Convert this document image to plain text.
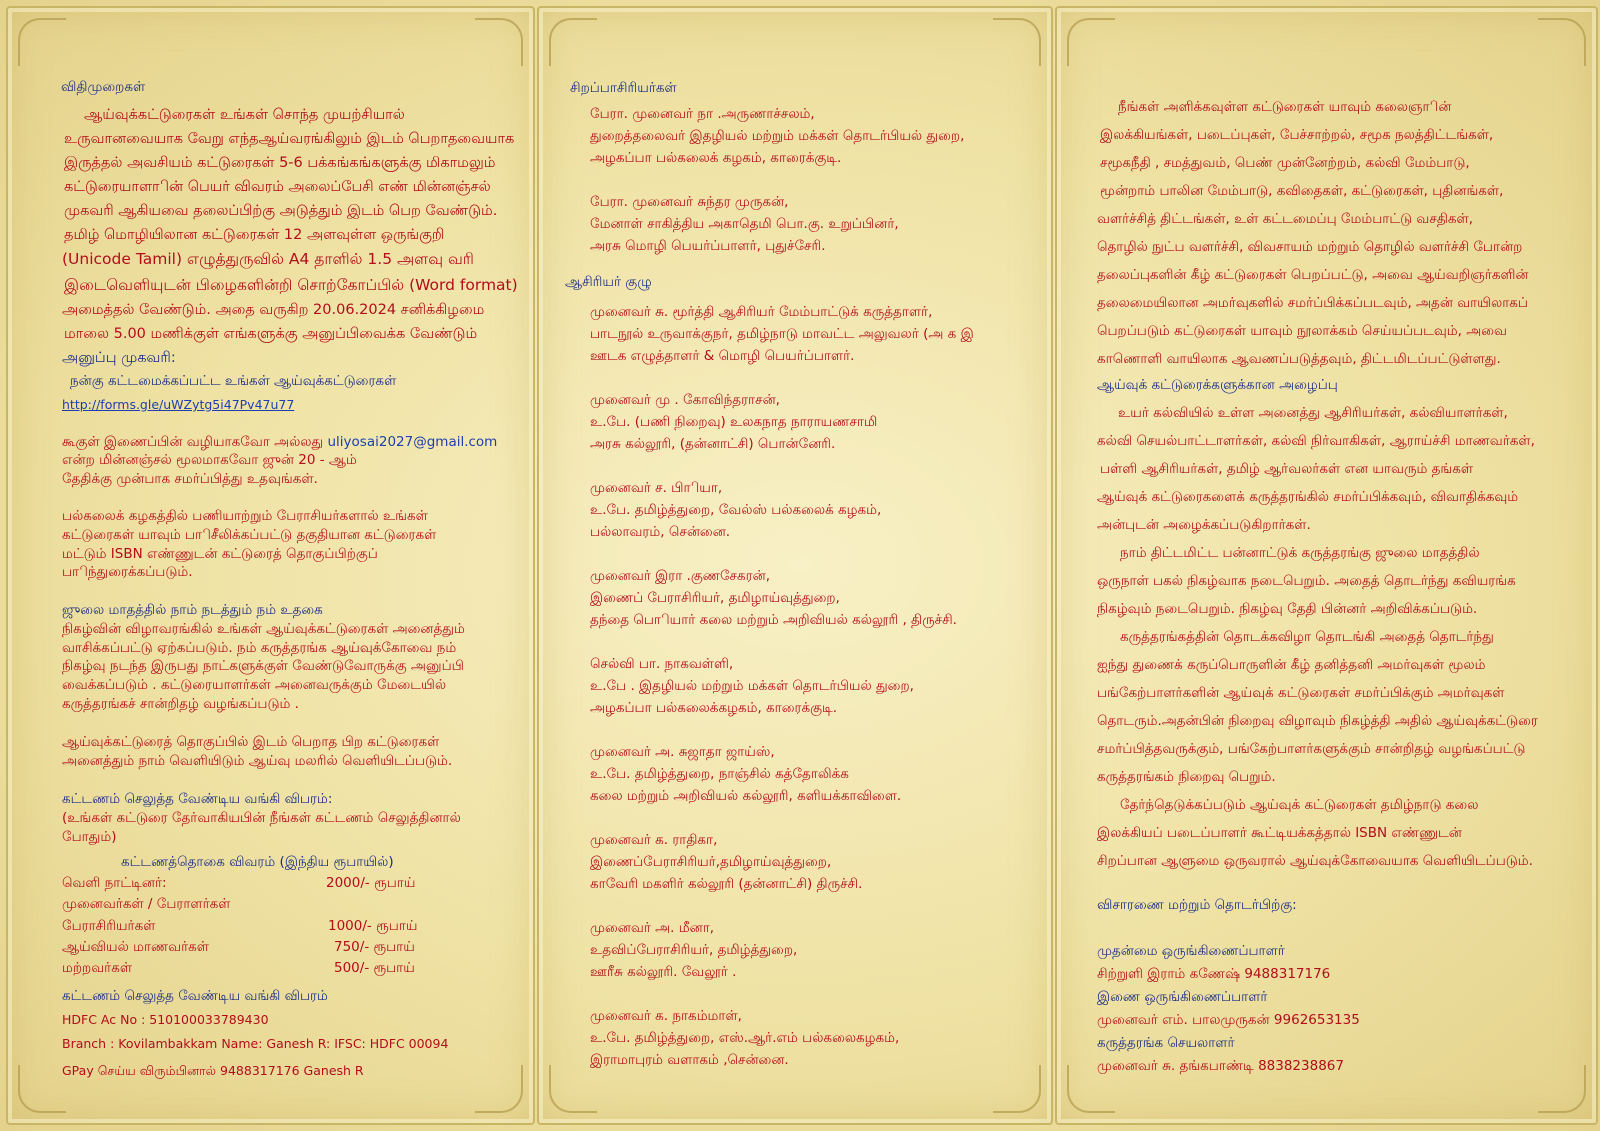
விதிமுறைகள்
ஆய்வுக்கட்டுரைகள் உங்கள் சொந்த முயற்சியால்
உருவானவையாக வேறு எந்தஆய்வரங்கிலும் இடம் பெறாதவையாக
இருத்தல் அவசியம் கட்டுரைகள் 5-6 பக்கங்கங்களுக்கு மிகாமலும்
கட்டுரையாளாின் பெயர் விவரம் அலைப்பேசி எண் மின்னஞ்சல்
முகவரி ஆகியவை தலைப்பிற்கு அடுத்தும் இடம் பெற வேண்டும்.
தமிழ் மொழியிலான கட்டுரைகள் 12 அளவுள்ள ஒருங்குறி
(Unicode Tamil) எழுத்துருவில் A4 தாளில் 1.5 அளவு வரி
இடைவெளியுடன் பிழைகளின்றி சொற்கோப்பில் (Word format)
அமைத்தல் வேண்டும். அதை வருகிற 20.06.2024 சனிக்கிழமை
மாலை 5.00 மணிக்குள் எங்களுக்கு அனுப்பிவைக்க வேண்டும்
அனுப்பு முகவரி:
நன்கு கட்டமைக்கப்பட்ட உங்கள் ஆய்வுக்கட்டுரைகள்
http://forms.gle/uWZytg5i47Pv47u77
கூகுள் இணைப்பின் வழியாகவோ அல்லது uliyosai2027@gmail.com
என்ற மின்னஞ்சல் மூலமாகவோ ஜுன் 20 - ஆம்
தேதிக்கு முன்பாக சமர்ப்பித்து உதவுங்கள்.
பல்கலைக் கழகத்தில் பணியாற்றும் பேராசியர்களால் உங்கள்
கட்டுரைகள் யாவும் பாிசீலிக்கப்பட்டு தகுதியான கட்டுரைகள்
மட்டும் ISBN எண்ணுடன் கட்டுரைத் தொகுப்பிற்குப்
பாிந்துரைக்கப்படும்.
ஜுலை மாதத்தில் நாம் நடத்தும் நம் உதகை
நிகழ்வின் விழாவரங்கில் உங்கள் ஆய்வுக்கட்டுரைகள் அனைத்தும்
வாசிக்கப்பட்டு ஏற்கப்படும். நம் கருத்தரங்க ஆய்வுக்கோவை நம்
நிகழ்வு நடந்த இருபது நாட்களுக்குள் வேண்டுவோருக்கு அனுப்பி
வைக்கப்படும் . கட்டுரையாளர்கள் அனைவருக்கும் மேடையில்
கருத்தரங்கச் சான்றிதழ் வழங்கப்படும் .
ஆய்வுக்கட்டுரைத் தொகுப்பில் இடம் பெறாத பிற கட்டுரைகள்
அனைத்தும் நாம் வெளியிடும் ஆய்வு மலரில் வெளியிடப்படும்.
கட்டணம் செலுத்த வேண்டிய வங்கி விபரம்:
(உங்கள் கட்டுரை தேர்வாகியபின் நீங்கள் கட்டணம் செலுத்தினால்
போதும்)
கட்டணத்தொகை விவரம் (இந்திய ரூபாயில்)
வெளி நாட்டினர்:	2000/- ரூபாய்
முனைவர்கள் / பேராளர்கள்
பேராசிரியர்கள்	1000/- ரூபாய்
ஆய்வியல் மாணவர்கள்	750/- ரூபாய்
மற்றவர்கள்	500/- ரூபாய்
கட்டணம் செலுத்த வேண்டிய வங்கி விபரம்
HDFC Ac No : 510100033789430
Branch : Kovilambakkam Name: Ganesh R: IFSC: HDFC 00094
GPay செய்ய விரும்பினால் 9488317176 Ganesh R
சிறப்பாசிரியர்கள்
பேரா. முனைவர் நா .அருணாச்சலம்,
துறைத்தலைவர் இதழியல் மற்றும் மக்கள் தொடர்பியல் துறை,
அழகப்பா பல்கலைக் கழகம், காரைக்குடி.
பேரா. முனைவர் சுந்தர முருகன்,
மேனாள் சாகித்திய அகாதெமி பொ.கு. உறுப்பினர்,
அரசு மொழி பெயர்ப்பாளர், புதுச்சேரி.
ஆசிரியர் குழு
முனைவர் சு. மூர்த்தி ஆசிரியர் மேம்பாட்டுக் கருத்தாளர்,
பாடநூல் உருவாக்குநர், தமிழ்நாடு மாவட்ட அலுவலர் (அ க இ
ஊடக எழுத்தாளர் & மொழி பெயர்ப்பாளர்.
முனைவர் மு . கோவிந்தராசன்,
உ.பே. (பணி நிறைவு) உலகநாத நாராயணசாமி
அரசு கல்லூரி, (தன்னாட்சி) பொன்னேரி.
முனைவர் ச. பிாியா,
உ.பே. தமிழ்த்துறை, வேல்ஸ் பல்கலைக் கழகம்,
பல்லாவரம், சென்னை.
முனைவர் இரா .குணசேகரன்,
இணைப் பேராசிரியர், தமிழாய்வுத்துறை,
தந்தை பொியார் கலை மற்றும் அறிவியல் கல்லூரி , திருச்சி.
செல்வி பா. நாகவள்ளி,
உ.பே . இதழியல் மற்றும் மக்கள் தொடர்பியல் துறை,
அழகப்பா பல்கலைக்கழகம், காரைக்குடி.
முனைவர் அ. சுஜாதா ஜாய்ஸ்,
உ.பே. தமிழ்த்துறை, நாஞ்சில் கத்தோலிக்க
கலை மற்றும் அறிவியல் கல்லூரி, களியக்காவிளை.
முனைவர் க. ராதிகா,
இணைப்பேராசிரியர்,தமிழாய்வுத்துறை,
காவேரி மகளிர் கல்லூரி (தன்னாட்சி) திருச்சி.
முனைவர் அ. மீனா,
உதவிப்பேராசிரியர், தமிழ்த்துறை,
ஊரீசு கல்லூரி. வேலூர் .
முனைவர் க. நாகம்மாள்,
உ.பே. தமிழ்த்துறை, எஸ்.ஆர்.எம் பல்கலைகழகம்,
இராமாபுரம் வளாகம் ,சென்னை.
நீங்கள் அளிக்கவுள்ள கட்டுரைகள் யாவும் கலைஞாின்
இலக்கியங்கள், படைப்புகள், பேச்சாற்றல், சமூக நலத்திட்டங்கள்,
சமூகநீதி , சமத்துவம், பெண் முன்னேற்றம், கல்வி மேம்பாடு,
மூன்றாம் பாலின மேம்பாடு, கவிதைகள், கட்டுரைகள், புதினங்கள்,
வளர்ச்சித் திட்டங்கள், உள் கட்டமைப்பு மேம்பாட்டு வசதிகள்,
தொழில் நுட்ப வளர்ச்சி, விவசாயம் மற்றும் தொழில் வளர்ச்சி போன்ற
தலைப்புகளின் கீழ் கட்டுரைகள் பெறப்பட்டு, அவை ஆய்வறிஞர்களின்
தலைமையிலான அமர்வுகளில் சமர்ப்பிக்கப்படவும், அதன் வாயிலாகப்
பெறப்படும் கட்டுரைகள் யாவும் நூலாக்கம் செய்யப்படவும், அவை
காணொளி வாயிலாக ஆவணப்படுத்தவும், திட்டமிடப்பட்டுள்ளது.
ஆய்வுக் கட்டுரைக்களுக்கான அழைப்பு
உயர் கல்வியில் உள்ள அனைத்து ஆசிரியர்கள், கல்வியாளர்கள்,
கல்வி செயல்பாட்டாளர்கள், கல்வி நிர்வாகிகள், ஆராய்ச்சி மாணவர்கள்,
பள்ளி ஆசிரியர்கள், தமிழ் ஆர்வலர்கள் என யாவரும் தங்கள்
ஆய்வுக் கட்டுரைகளைக் கருத்தரங்கில் சமர்ப்பிக்கவும், விவாதிக்கவும்
அன்புடன் அழைக்கப்படுகிறார்கள்.
நாம் திட்டமிட்ட பன்னாட்டுக் கருத்தரங்கு ஜுலை மாதத்தில்
ஒருநாள் பகல் நிகழ்வாக நடைபெறும். அதைத் தொடர்ந்து கவியரங்க
நிகழ்வும் நடைபெறும். நிகழ்வு தேதி பின்னர் அறிவிக்கப்படும்.
கருத்தரங்கத்தின் தொடக்கவிழா தொடங்கி அதைத் தொடர்ந்து
ஐந்து துணைக் கருப்பொருளின் கீழ் தனித்தனி அமர்வுகள் மூலம்
பங்கேற்பாளர்களின் ஆய்வுக் கட்டுரைகள் சமர்ப்பிக்கும் அமர்வுகள்
தொடரும்.அதன்பின் நிறைவு விழாவும் நிகழ்த்தி அதில் ஆய்வுக்கட்டுரை
சமர்ப்பித்தவருக்கும், பங்கேற்பாளர்களுக்கும் சான்றிதழ் வழங்கப்பட்டு
கருத்தரங்கம் நிறைவு பெறும்.
தேர்ந்தெடுக்கப்படும் ஆய்வுக் கட்டுரைகள் தமிழ்நாடு கலை
இலக்கியப் படைப்பாளர் கூட்டியக்கத்தால் ISBN எண்ணுடன்
சிறப்பான ஆளுமை ஒருவரால் ஆய்வுக்கோவையாக வெளியிடப்படும்.
விசாரணை மற்றும் தொடர்பிற்கு:
முதன்மை ஒருங்கிணைப்பாளர்
சிற்றுளி இராம் கணேஷ் 9488317176
இணை ஒருங்கிணைப்பாளர்
முனைவர் எம். பாலமுருகன் 9962653135
கருத்தரங்க செயலாளர்
முனைவர் சு. தங்கபாண்டி 8838238867
